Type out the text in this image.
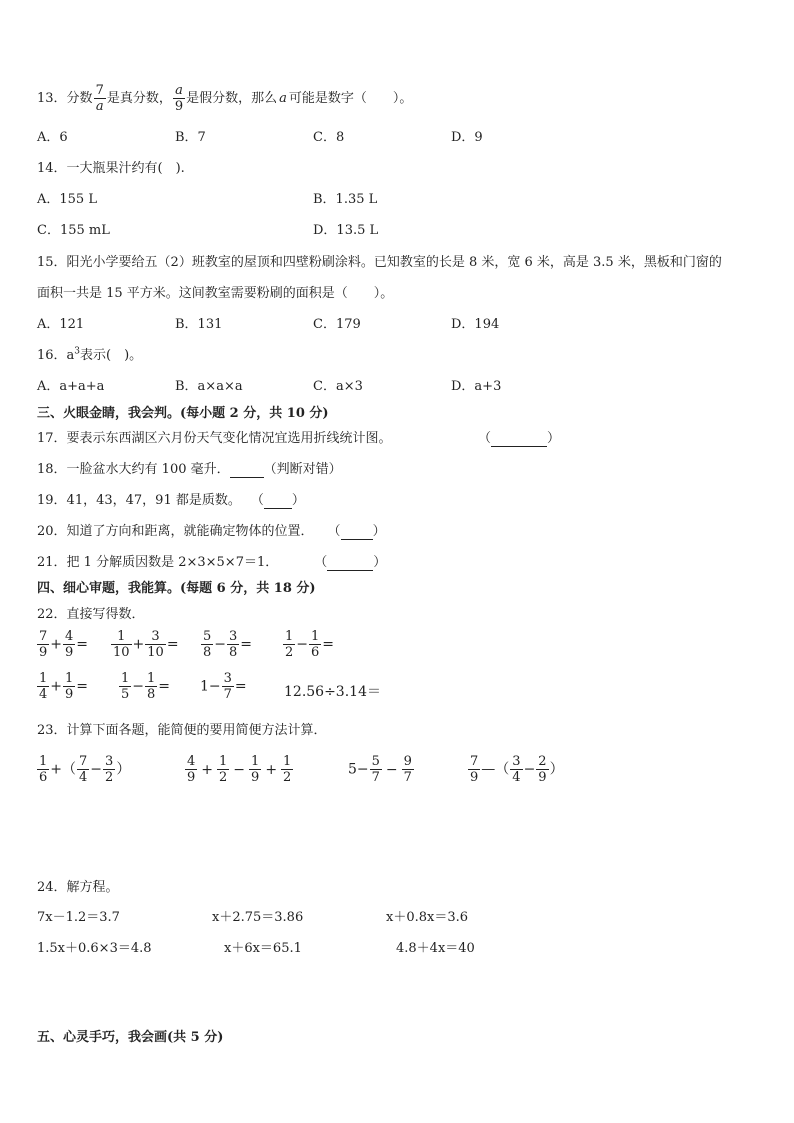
13．分数 $\frac{7}{a}$ 是真分数， $\frac{a}{9}$ 是假分数，那么 a 可能是数字（　　）。
A．6	B．7	C．8	D．9
14．一大瓶果汁约有(　).
A．155 L	B．1.35 L
C．155 mL	D．13.5 L
15．阳光小学要给五（2）班教室的屋顶和四壁粉刷涂料。已知教室的长是 8 米，宽 6 米，高是 3.5 米，黑板和门窗的
面积一共是 15 平方米。这间教室需要粉刷的面积是（　　）。
A．121	B．131	C．179	D．194
16．$a^3$表示(　)。
A．a+a+a	B．a×a×a	C．a×3	D．a+3
三、火眼金睛，我会判。(每小题 2 分，共 10 分)
17．要表示东西湖区六月份天气变化情况宜选用折线统计图。	（	）
18．一脸盆水大约有 100 毫升．	（判断对错）
19．41，43，47，91 都是质数。 （ ）
20．知道了方向和距离，就能确定物体的位置． （ ）
21．把 1 分解质因数是 2×3×5×7＝1．	（	）
四、细心审题，我能算。(每题 6 分，共 18 分)
22．直接写得数．
$\frac{7}{9} + \frac{4}{9} = \frac{1}{10} + \frac{3}{10} = \frac{5}{8} - \frac{3}{8} = \frac{1}{2} - \frac{1}{6}$ =
$\frac{1}{4} + \frac{1}{9} = \frac{1}{5} - \frac{1}{8} = 1- \frac{3}{7}$ =	12.56÷3.14＝
23．计算下面各题，能简便的要用简便方法计算．
$\frac{1}{6}$ +（ $\frac{7}{4} - \frac{3}{2}$ ）	$\frac{4}{9} + \frac{1}{2} - \frac{1}{9} + \frac{1}{2}$	$5- \frac{5}{7} - \frac{9}{7}$	$\frac{7}{9}$ —（ $\frac{3}{4} - \frac{2}{9}$ ）
24．解方程。
7x－1.2＝3.7	x＋2.75＝3.86	x＋0.8x＝3.6
1.5x＋0.6×3＝4.8	x＋6x＝65.1	4.8＋4x＝40
五、心灵手巧，我会画(共 5 分)
